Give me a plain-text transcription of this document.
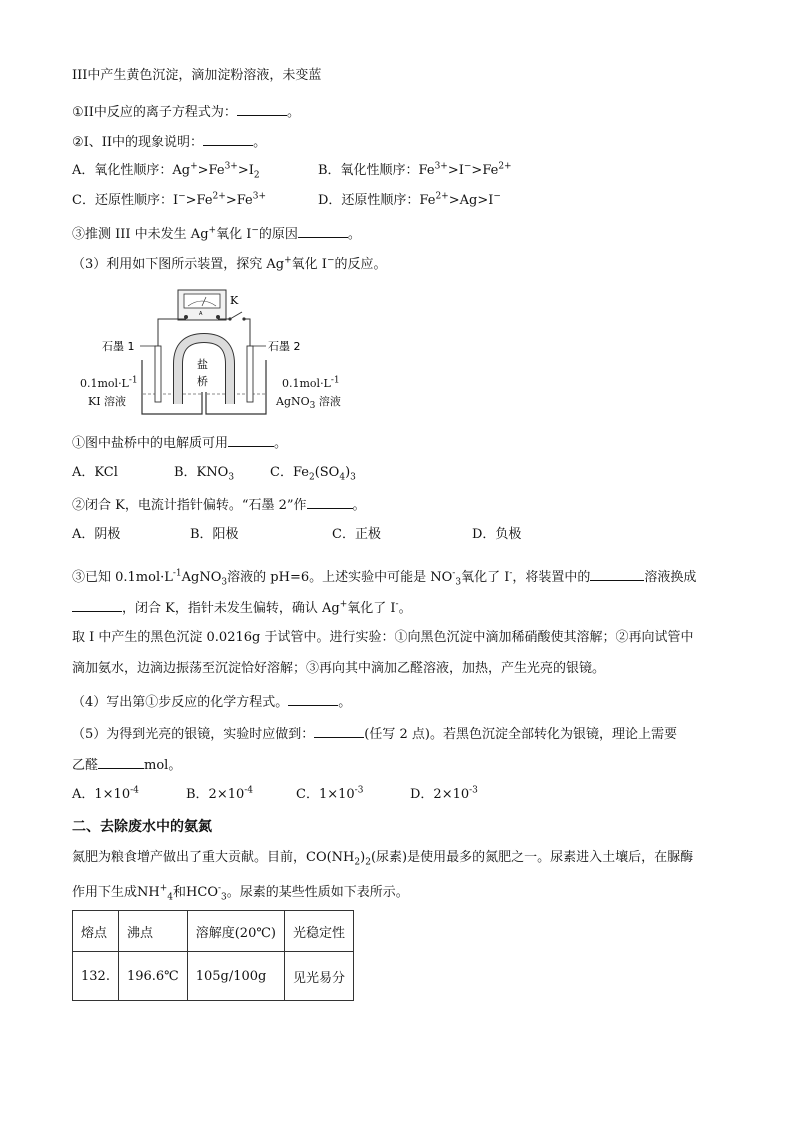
III中产生黄色沉淀，滴加淀粉溶液，未变蓝
①II中反应的离子方程式为：	。
②I、II中的现象说明：	。
A．氧化性顺序：$Ag^+>Fe^{3+}>I_2$	B．氧化性顺序：$Fe^{3+}>I^->Fe^{2+}$
C．还原性顺序：$I^->Fe^{2+}>Fe^{3+}$	D．还原性顺序：$Fe^{2+}>Ag>I^-$
③推测 III 中未发生 Ag+氧化 I−的原因	。
（3）利用如下图所示装置，探究 Ag+氧化 I−的反应。
A
K
石墨 1	石墨 2
盐
桥
$0.1mol\cdot L^{-1}$
KI 溶液
$0.1mol\cdot L^{-1}$
AgNO$_3$ 溶液
①图中盐桥中的电解质可用	。
A．KCl	B．$KNO_3$	C．$Fe_2(SO_4)_3$
②闭合 K，电流计指针偏转。“石墨 2”作	。
A．阴极	B．阳极	C．正极	D．负极
③已知 $0.1mol\cdot L^{-1}AgNO_3$溶液的 pH=6。上述实验中可能是 $NO^-_3$氧化了 I-，将装置中的	溶液换成
，闭合 K，指针未发生偏转，确认 Ag+氧化了 I-。
取 I 中产生的黑色沉淀 0.0216g 于试管中。进行实验：①向黑色沉淀中滴加稀硝酸使其溶解；②再向试管中
滴加氨水，边滴边振荡至沉淀恰好溶解；③再向其中滴加乙醛溶液，加热，产生光亮的银镜。
（4）写出第①步反应的化学方程式。	。
（5）为得到光亮的银镜，实验时应做到：	(任写 2 点)。若黑色沉淀全部转化为银镜，理论上需要
乙醛	mol。
A．$1\times 10^{-4}$	B．$2\times 10^{-4}$	C．$1\times 10^{-3}$	D．$2\times 10^{-3}$
二、去除废水中的氨氮
氮肥为粮食增产做出了重大贡献。目前，$CO(NH_2)_2$(尿素)是使用最多的氮肥之一。尿素进入土壤后，在脲酶
作用下生成$NH^+_4$和$HCO^-_3$。尿素的某些性质如下表所示。
熔点	沸点	溶解度(20℃)	光稳定性
132.	196.6℃	105g/100g	见光易分
